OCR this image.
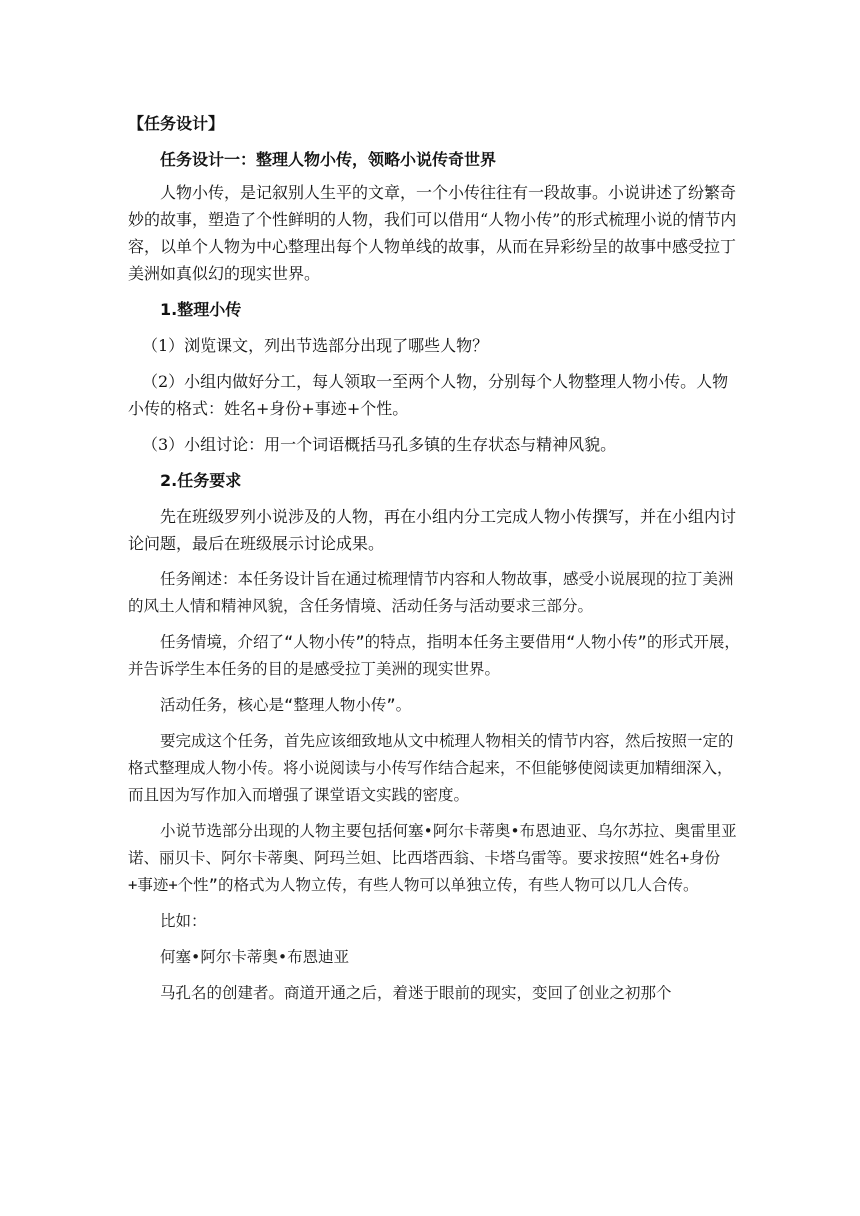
【任务设计】

任务设计一：整理人物小传，领略小说传奇世界

人物小传，是记叙别人生平的文章，一个小传往往有一段故事。小说讲述了纷繁奇妙的故事，塑造了个性鲜明的人物，我们可以借用“人物小传”的形式梳理小说的情节内容，以单个人物为中心整理出每个人物单线的故事，从而在异彩纷呈的故事中感受拉丁美洲如真似幻的现实世界。

1.整理小传

（1）浏览课文，列出节选部分出现了哪些人物？

（2）小组内做好分工，每人领取一至两个人物，分别每个人物整理人物小传。人物小传的格式：姓名+身份+事迹+个性。

（3）小组讨论：用一个词语概括马孔多镇的生存状态与精神风貌。

2.任务要求

先在班级罗列小说涉及的人物，再在小组内分工完成人物小传撰写，并在小组内讨论问题，最后在班级展示讨论成果。

任务阐述：本任务设计旨在通过梳理情节内容和人物故事，感受小说展现的拉丁美洲的风土人情和精神风貌，含任务情境、活动任务与活动要求三部分。

任务情境，介绍了“人物小传”的特点，指明本任务主要借用“人物小传”的形式开展，并告诉学生本任务的目的是感受拉丁美洲的现实世界。

活动任务，核心是“整理人物小传”。

要完成这个任务，首先应该细致地从文中梳理人物相关的情节内容，然后按照一定的格式整理成人物小传。将小说阅读与小传写作结合起来，不但能够使阅读更加精细深入，而且因为写作加入而增强了课堂语文实践的密度。

小说节选部分出现的人物主要包括何塞•阿尔卡蒂奥•布恩迪亚、乌尔苏拉、奥雷里亚诺、丽贝卡、阿尔卡蒂奥、阿玛兰妲、比西塔西翁、卡塔乌雷等。要求按照“姓名+身份+事迹+个性”的格式为人物立传，有些人物可以单独立传，有些人物可以几人合传。

比如：

何塞•阿尔卡蒂奥•布恩迪亚

马孔名的创建者。商道开通之后，着迷于眼前的现实，变回了创业之初那个
